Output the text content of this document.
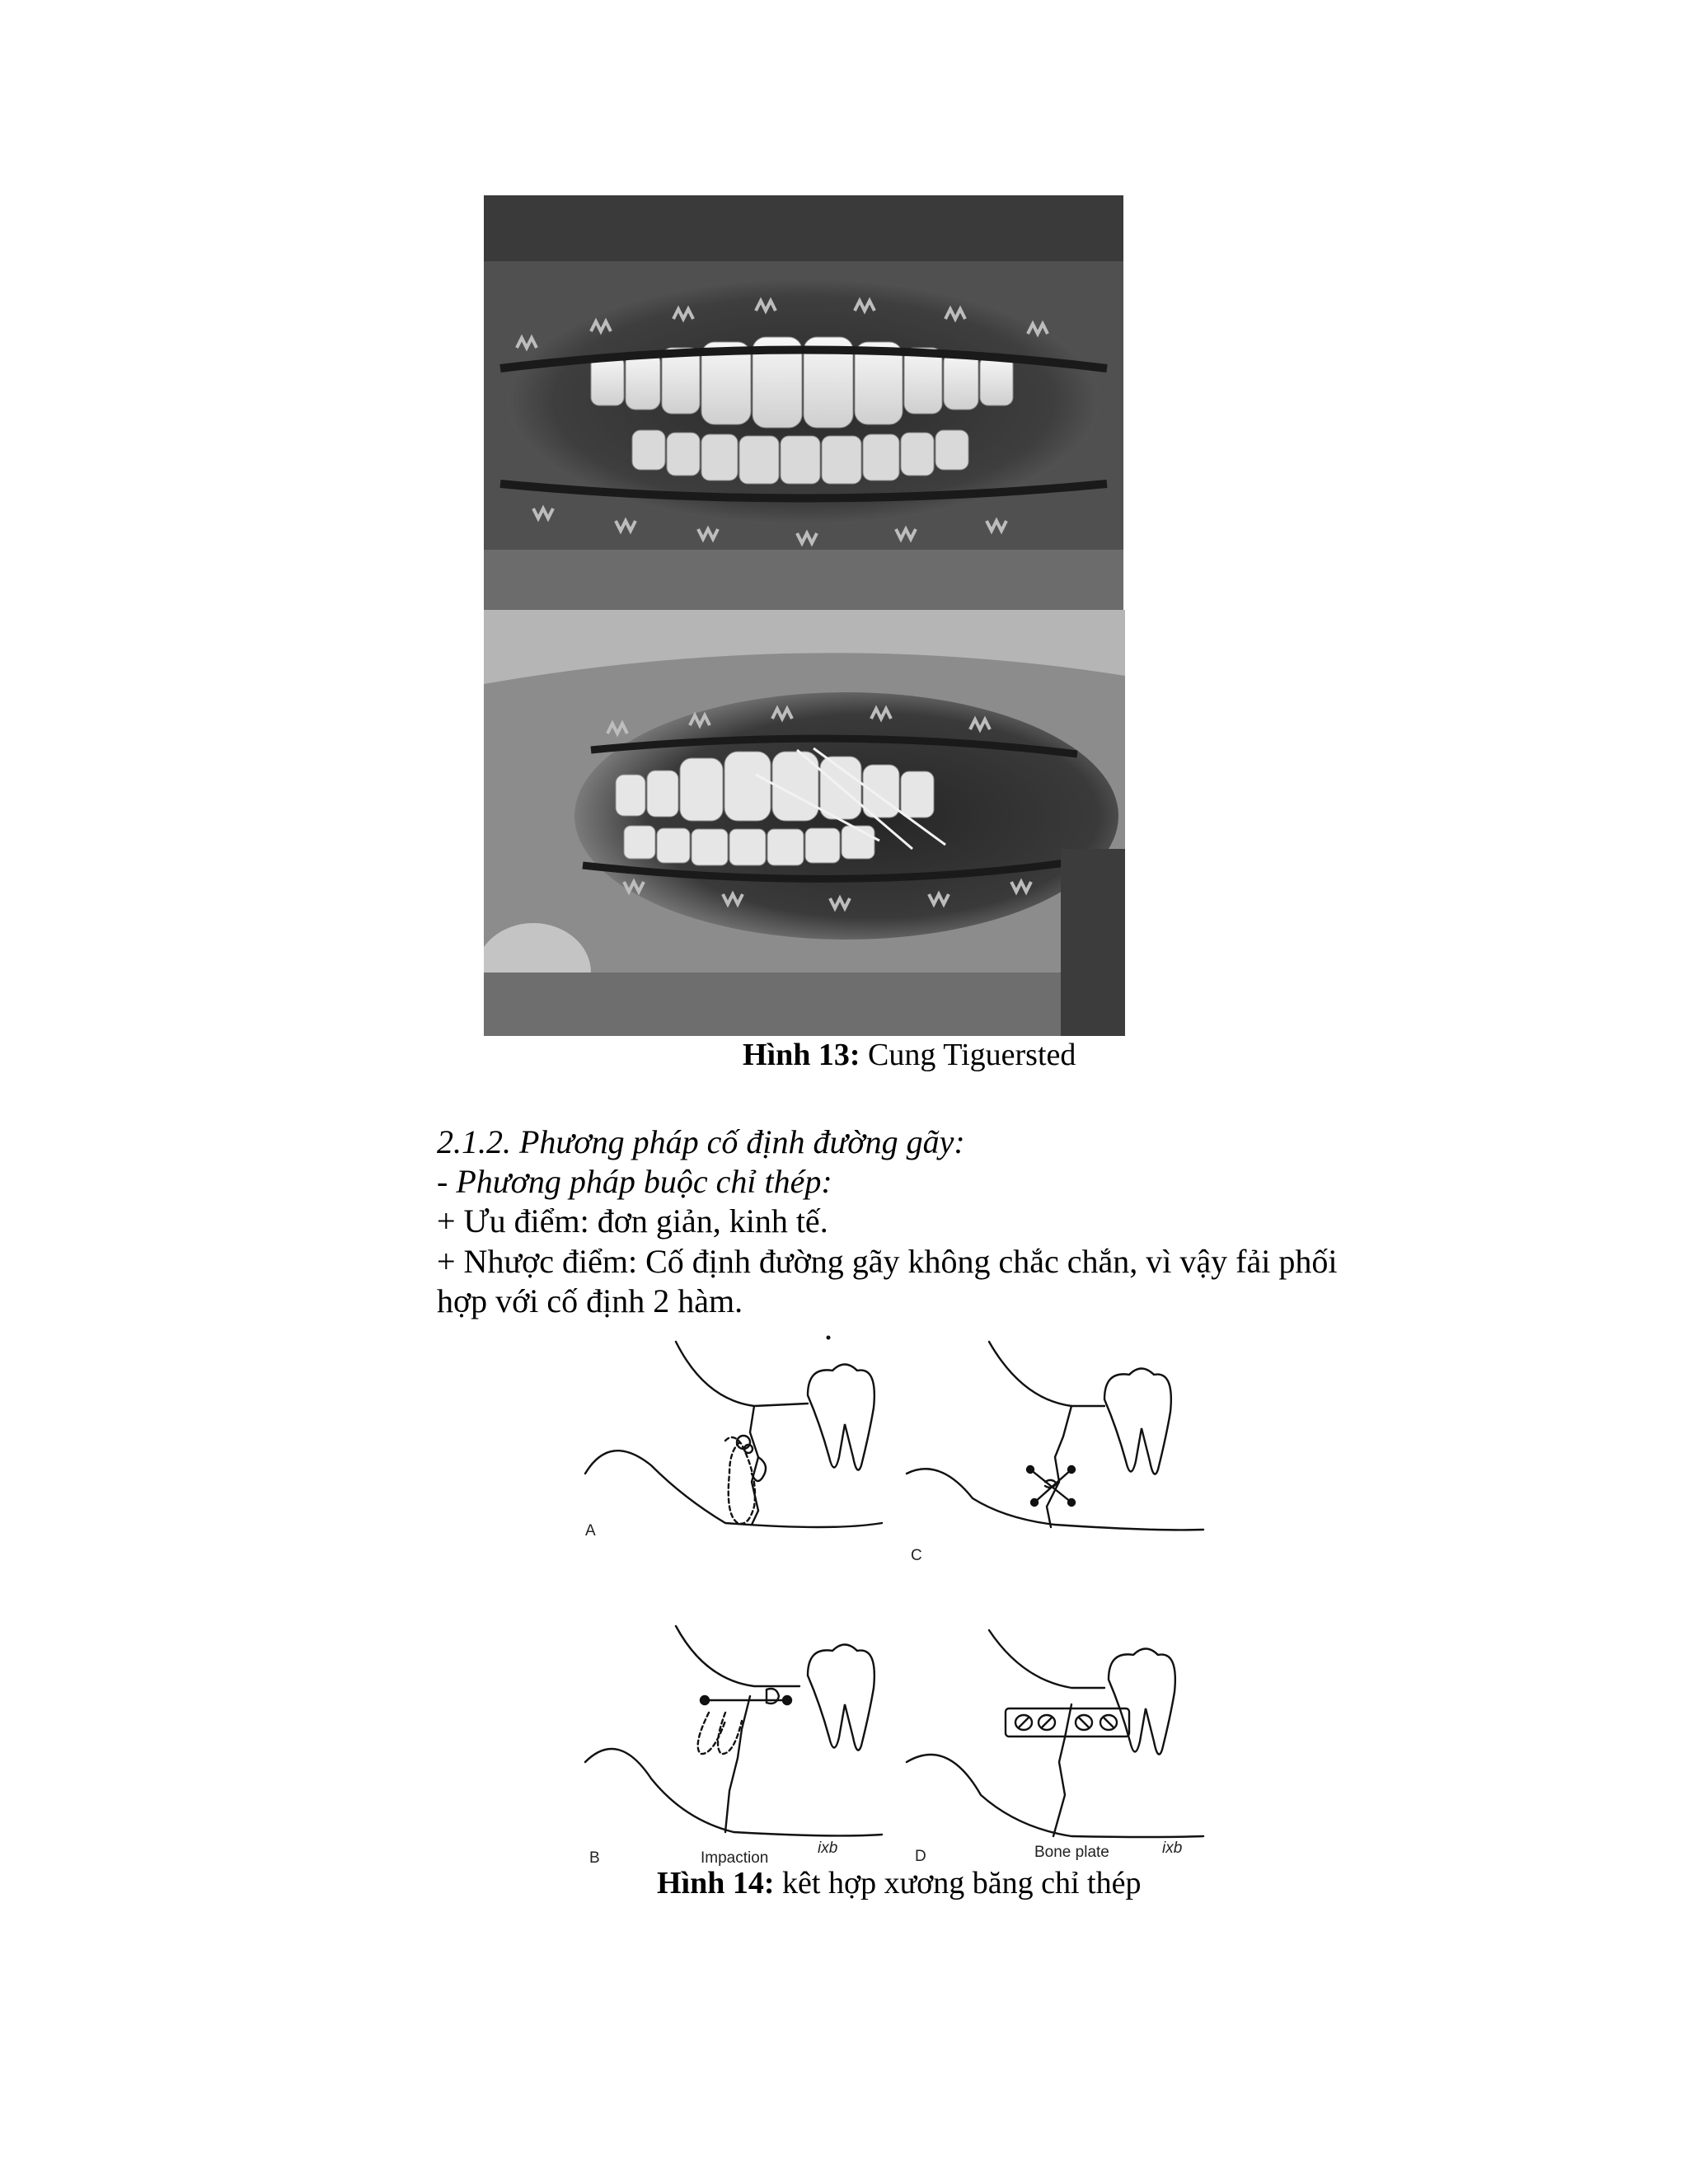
Hình 13: Cung Tiguersted
2.1.2. Phương pháp cố định đường gãy:
- Phương pháp buộc chỉ thép:
+ Ưu điểm: đơn giản, kinh tế.
+ Nhược điểm: Cố định đường gãy không chắc chắn, vì vậy fải phối
hợp với cố định 2 hàm.
A
C
B	D
Impaction	Bone plate
ixb	ixb
Hình 14: kêt hợp xương băng chỉ thép
